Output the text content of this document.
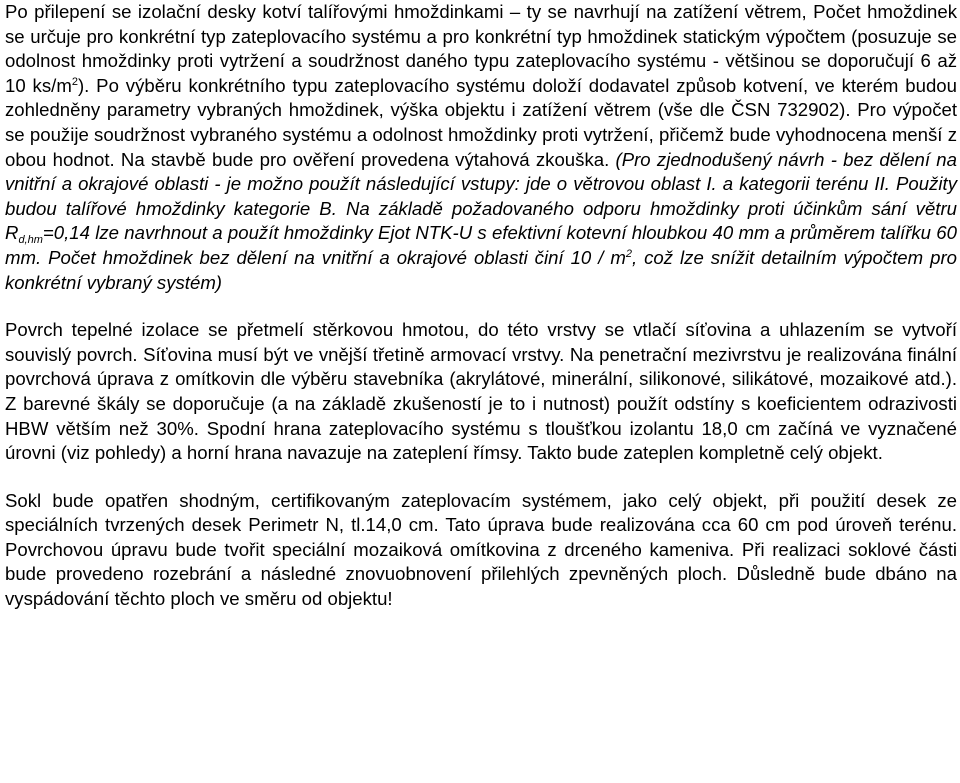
Po přilepení se izolační desky kotví talířovými hmoždinkami – ty se navrhují na zatížení větrem, Počet hmoždinek se určuje pro konkrétní typ zateplovacího systému a pro konkrétní typ hmoždinek statickým výpočtem (posuzuje se odolnost hmoždinky proti vytržení a soudržnost daného typu zateplovacího systému - většinou se doporučují 6 až 10 $ks/m^2$). Po výběru konkrétního typu zateplovacího systému doloží dodavatel způsob kotvení, ve kterém budou zohledněny parametry vybraných hmoždinek, výška objektu i zatížení větrem (vše dle ČSN 732902). Pro výpočet se použije soudržnost vybraného systému a odolnost hmoždinky proti vytržení, přičemž bude vyhodnocena menší z obou hodnot. Na stavbě bude pro ověření provedena výtahová zkouška. (Pro zjednodušený návrh - bez dělení na vnitřní a okrajové oblasti - je možno použít následující vstupy: jde o větrovou oblast I. a kategorii terénu II. Použity budou talířové hmoždinky kategorie B. Na základě požadovaného odporu hmoždinky proti účinkům sání větru $R_{d,hm}=0,14$ lze navrhnout a použít hmoždinky Ejot NTK-U s efektivní kotevní hloubkou 40 mm a průměrem talířku 60 mm. Počet hmoždinek bez dělení na vnitřní a okrajové oblasti činí $10 / m^2$, což lze snížit detailním výpočtem pro konkrétní vybraný systém)

Povrch tepelné izolace se přetmelí stěrkovou hmotou, do této vrstvy se vtlačí síťovina a uhlazením se vytvoří souvislý povrch. Síťovina musí být ve vnější třetině armovací vrstvy. Na penetrační mezivrstvu je realizována finální povrchová úprava z omítkovin dle výběru stavebníka (akrylátové, minerální, silikonové, silikátové, mozaikové atd.). Z barevné škály se doporučuje (a na základě zkušeností je to i nutnost) použít odstíny s koeficientem odrazivosti HBW větším než 30%. Spodní hrana zateplovacího systému s tloušťkou izolantu 18,0 cm začíná ve vyznačené úrovni (viz pohledy) a horní hrana navazuje na zateplení římsy. Takto bude zateplen kompletně celý objekt.

Sokl bude opatřen shodným, certifikovaným zateplovacím systémem, jako celý objekt, při použití desek ze speciálních tvrzených desek Perimetr N, tl.14,0 cm. Tato úprava bude realizována cca 60 cm pod úroveň terénu. Povrchovou úpravu bude tvořit speciální mozaiková omítkovina z drceného kameniva. Při realizaci soklové části bude provedeno rozebrání a následné znovuobnovení přilehlých zpevněných ploch. Důsledně bude dbáno na vyspádování těchto ploch ve směru od objektu!
